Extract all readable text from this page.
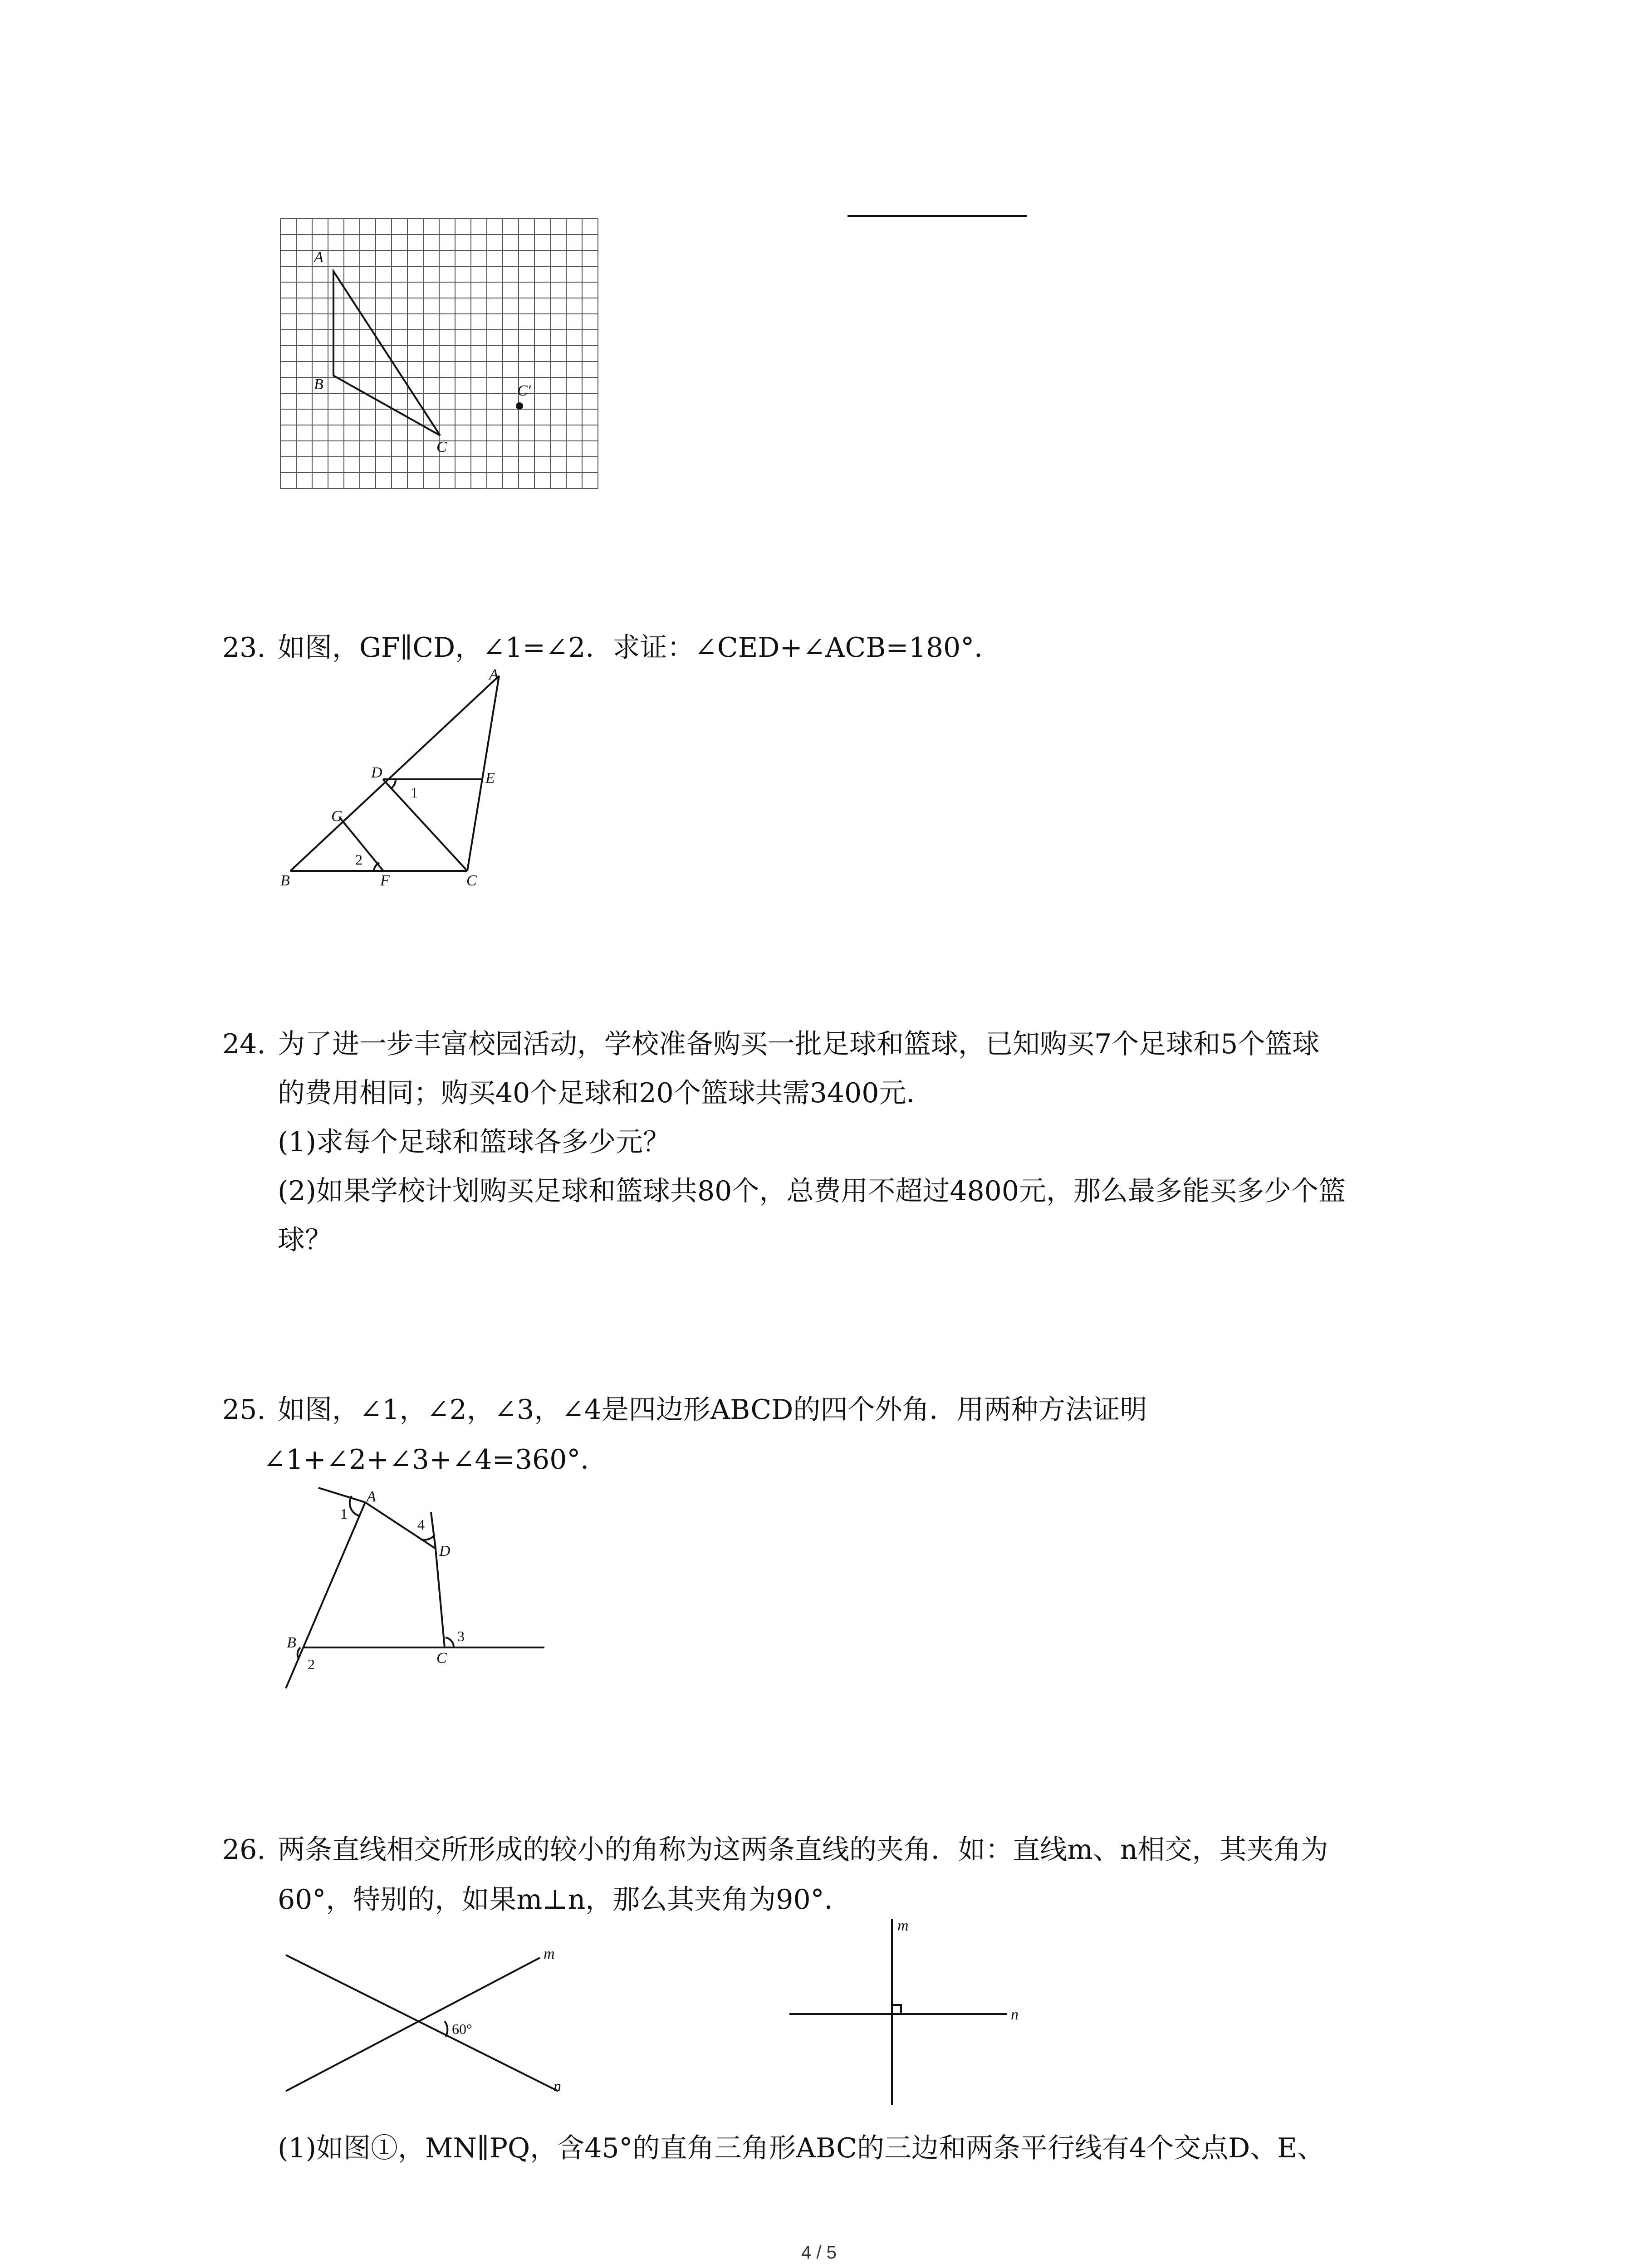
A
B
C
C′
23. 如图，GF∥CD，∠1=∠2．求证：∠CED+∠ACB=180°．
A
D	E
G
B	F	C
1
2
24. 为了进一步丰富校园活动，学校准备购买一批足球和篮球，已知购买7个足球和5个篮球
的费用相同；购买40个足球和20个篮球共需3400元．
(1)求每个足球和篮球各多少元？
(2)如果学校计划购买足球和篮球共80个，总费用不超过4800元，那么最多能买多少个篮
球？
25. 如图，∠1，∠2，∠3，∠4是四边形ABCD的四个外角．用两种方法证明
∠1+∠2+∠3+∠4=360°．
A
D
B
C
1
2
3
4
26. 两条直线相交所形成的较小的角称为这两条直线的夹角．如：直线m、n相交，其夹角为
60°，特别的，如果m⊥n，那么其夹角为90°．
m
n
60°
m
n
(1)如图①，MN∥PQ，含45°的直角三角形ABC的三边和两条平行线有4个交点D、E、
4 / 5
